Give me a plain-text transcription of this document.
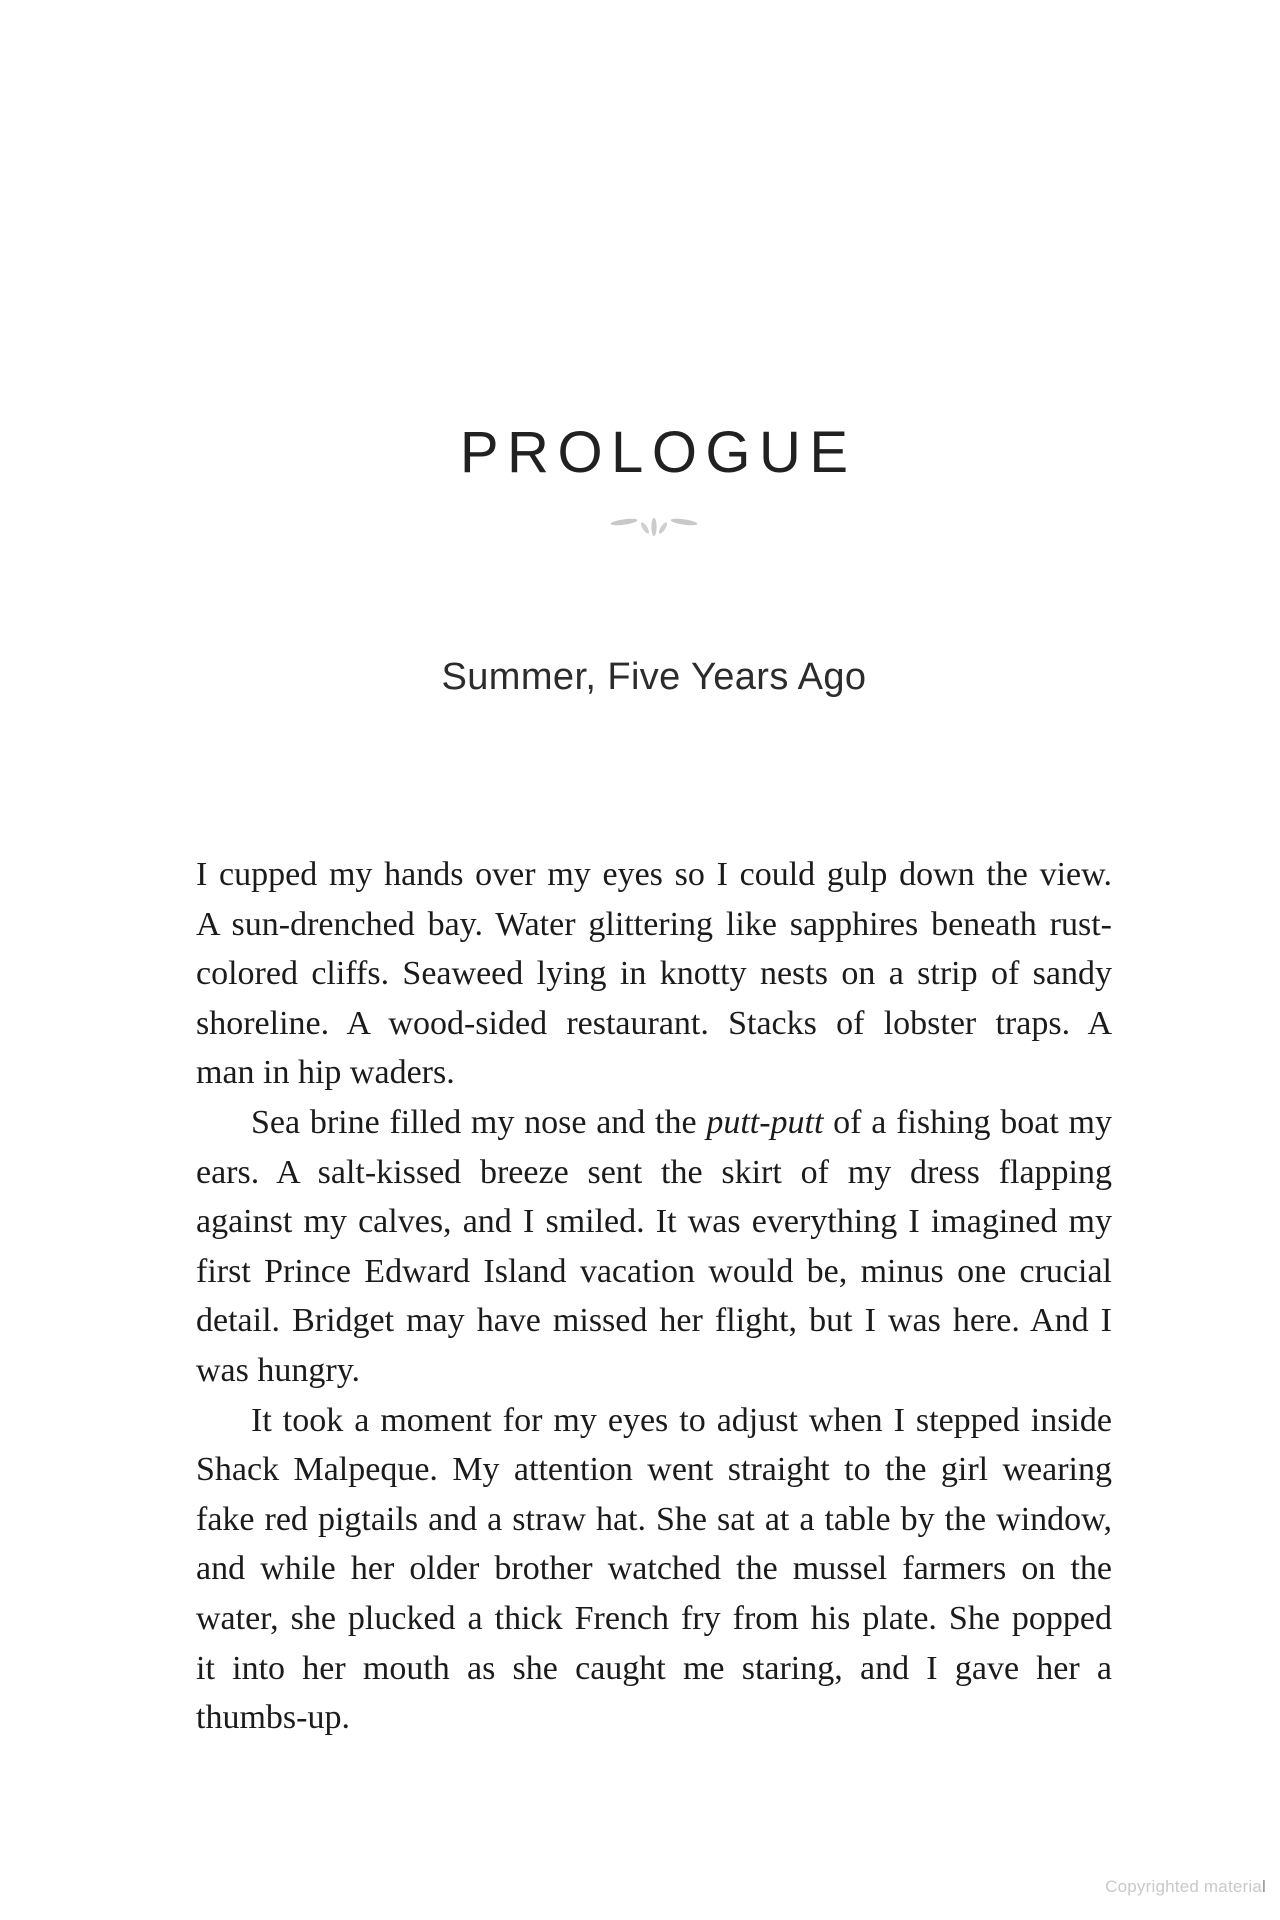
PROLOGUE
Summer, Five Years Ago
I cupped my hands over my eyes so I could gulp down the view.
A sun-drenched bay. Water glittering like sapphires beneath rust-
colored cliffs. Seaweed lying in knotty nests on a strip of sandy
shoreline. A wood-sided restaurant. Stacks of lobster traps. A
man in hip waders.
Sea brine filled my nose and the putt-putt of a fishing boat my
ears. A salt-kissed breeze sent the skirt of my dress flapping
against my calves, and I smiled. It was everything I imagined my
first Prince Edward Island vacation would be, minus one crucial
detail. Bridget may have missed her flight, but I was here. And I
was hungry.
It took a moment for my eyes to adjust when I stepped inside
Shack Malpeque. My attention went straight to the girl wearing
fake red pigtails and a straw hat. She sat at a table by the window,
and while her older brother watched the mussel farmers on the
water, she plucked a thick French fry from his plate. She popped
it into her mouth as she caught me staring, and I gave her a
thumbs-up.
Copyrighted material
